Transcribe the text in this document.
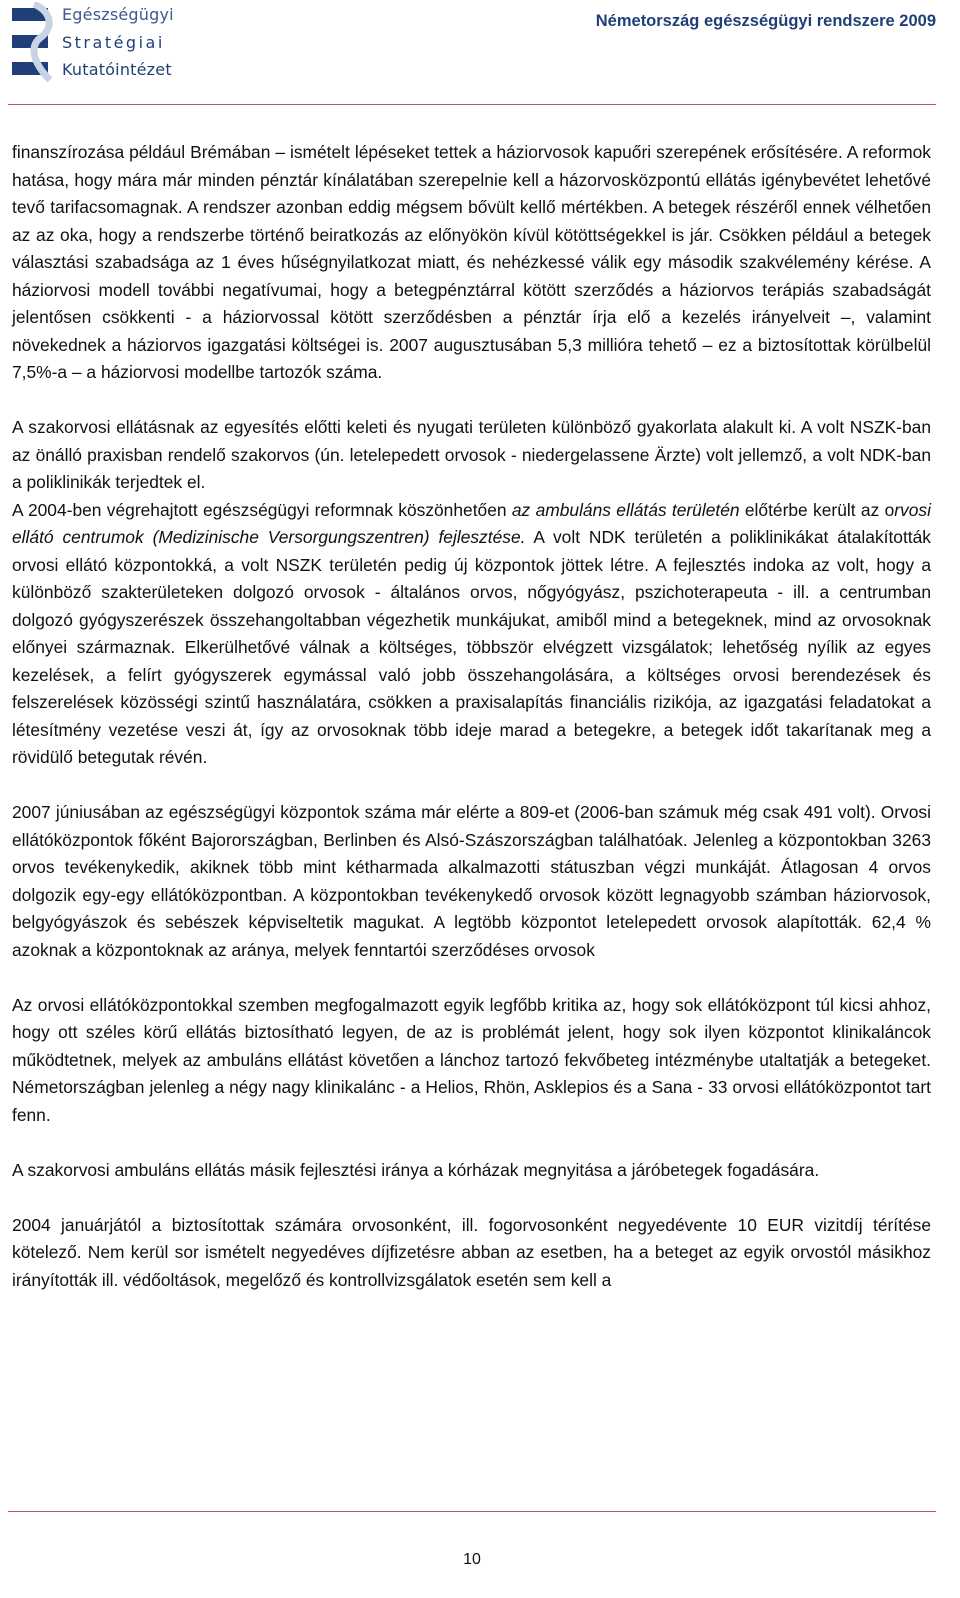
Egészségügyi
Stratégiai
Kutatóintézet
Németország egészségügyi rendszere 2009

finanszírozása például Brémában – ismételt lépéseket tettek a háziorvosok kapuőri szerepének erősítésére. A reformok hatása, hogy mára már minden pénztár kínálatában szerepelnie kell a házorvosközpontú ellátás igénybevétet lehetővé tevő tarifacsomagnak. A rendszer azonban eddig mégsem bővült kellő mértékben. A betegek részéről ennek vélhetően az az oka, hogy a rendszerbe történő beiratkozás az előnyökön kívül kötöttségekkel is jár. Csökken például a betegek választási szabadsága az 1 éves hűségnyilatkozat miatt, és nehézkessé válik egy második szakvélemény kérése. A háziorvosi modell további negatívumai, hogy a betegpénztárral kötött szerződés a háziorvos terápiás szabadságát jelentősen csökkenti - a háziorvossal kötött szerződésben a pénztár írja elő a kezelés irányelveit –, valamint növekednek a háziorvos igazgatási költségei is. 2007 augusztusában 5,3 millióra tehető – ez a biztosítottak körülbelül 7,5%-a – a háziorvosi modellbe tartozók száma.

A szakorvosi ellátásnak az egyesítés előtti keleti és nyugati területen különböző gyakorlata alakult ki. A volt NSZK-ban az önálló praxisban rendelő szakorvos (ún. letelepedett orvosok - niedergelassene Ärzte) volt jellemző, a volt NDK-ban a poliklinikák terjedtek el.

A 2004-ben végrehajtott egészségügyi reformnak köszönhetően az ambuláns ellátás területén előtérbe került az orvosi ellátó centrumok (Medizinische Versorgungszentren) fejlesztése. A volt NDK területén a poliklinikákat átalakították orvosi ellátó központokká, a volt NSZK területén pedig új központok jöttek létre. A fejlesztés indoka az volt, hogy a különböző szakterületeken dolgozó orvosok - általános orvos, nőgyógyász, pszichoterapeuta - ill. a centrumban dolgozó gyógyszerészek összehangoltabban végezhetik munkájukat, amiből mind a betegeknek, mind az orvosoknak előnyei származnak. Elkerülhetővé válnak a költséges, többször elvégzett vizsgálatok; lehetőség nyílik az egyes kezelések, a felírt gyógyszerek egymással való jobb összehangolására, a költséges orvosi berendezések és felszerelések közösségi szintű használatára, csökken a praxisalapítás financiális rizikója, az igazgatási feladatokat a létesítmény vezetése veszi át, így az orvosoknak több ideje marad a betegekre, a betegek időt takarítanak meg a rövidülő betegutak révén.

2007 júniusában az egészségügyi központok száma már elérte a 809-et (2006-ban számuk még csak 491 volt). Orvosi ellátóközpontok főként Bajorországban, Berlinben és Alsó-Szászországban találhatóak. Jelenleg a központokban 3263 orvos tevékenykedik, akiknek több mint kétharmada alkalmazotti státuszban végzi munkáját. Átlagosan 4 orvos dolgozik egy-egy ellátóközpontban. A központokban tevékenykedő orvosok között legnagyobb számban háziorvosok, belgyógyászok és sebészek képviseltetik magukat. A legtöbb központot letelepedett orvosok alapították. 62,4 % azoknak a központoknak az aránya, melyek fenntartói szerződéses orvosok

Az orvosi ellátóközpontokkal szemben megfogalmazott egyik legfőbb kritika az, hogy sok ellátóközpont túl kicsi ahhoz, hogy ott széles körű ellátás biztosítható legyen, de az is problémát jelent, hogy sok ilyen központot klinikaláncok működtetnek, melyek az ambuláns ellátást követően a lánchoz tartozó fekvőbeteg intézménybe utaltatják a betegeket. Németországban jelenleg a négy nagy klinikalánc - a Helios, Rhön, Asklepios és a Sana - 33 orvosi ellátóközpontot tart fenn.

A szakorvosi ambuláns ellátás másik fejlesztési iránya a kórházak megnyitása a járóbetegek fogadására.

2004 januárjától a biztosítottak számára orvosonként, ill. fogorvosonként negyedévente 10 EUR vizitdíj térítése kötelező. Nem kerül sor ismételt negyedéves díjfizetésre abban az esetben, ha a beteget az egyik orvostól másikhoz irányították ill. védőoltások, megelőző és kontrollvizsgálatok esetén sem kell a

10
